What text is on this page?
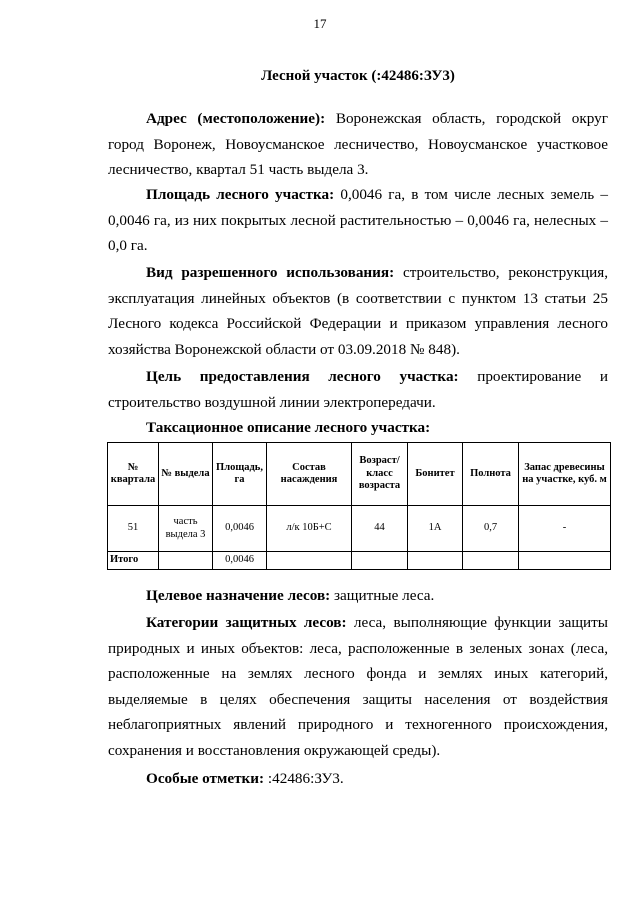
17
Лесной участок (:42486:ЗУ3)

Адрес (местоположение): Воронежская область, городской округ город Воронеж, Новоусманское лесничество, Новоусманское участковое лесничество, квартал 51 часть выдела 3.

Площадь лесного участка: 0,0046 га, в том числе лесных земель – 0,0046 га, из них покрытых лесной растительностью – 0,0046 га, нелесных – 0,0 га.

Вид разрешенного использования: строительство, реконструкция, эксплуатация линейных объектов (в соответствии с пунктом 13 статьи 25 Лесного кодекса Российской Федерации и приказом управления лесного хозяйства Воронежской области от 03.09.2018 № 848).

Цель предоставления лесного участка: проектирование и строительство воздушной линии электропередачи.

Таксационное описание лесного участка:
№ квартала	№ выдела	Площадь, га	Состав насаждения	Возраст/ класс возраста	Бонитет	Полнота	Запас древесины на участке, куб. м
51	часть выдела 3	0,0046	л/к 10Б+С	44	1А	0,7	-
Итого		0,0046					

Целевое назначение лесов: защитные леса.

Категории защитных лесов: леса, выполняющие функции защиты природных и иных объектов: леса, расположенные в зеленых зонах (леса, расположенные на землях лесного фонда и землях иных категорий, выделяемые в целях обеспечения защиты населения от воздействия неблагоприятных явлений природного и техногенного происхождения, сохранения и восстановления окружающей среды).

Особые отметки: :42486:ЗУ3.
